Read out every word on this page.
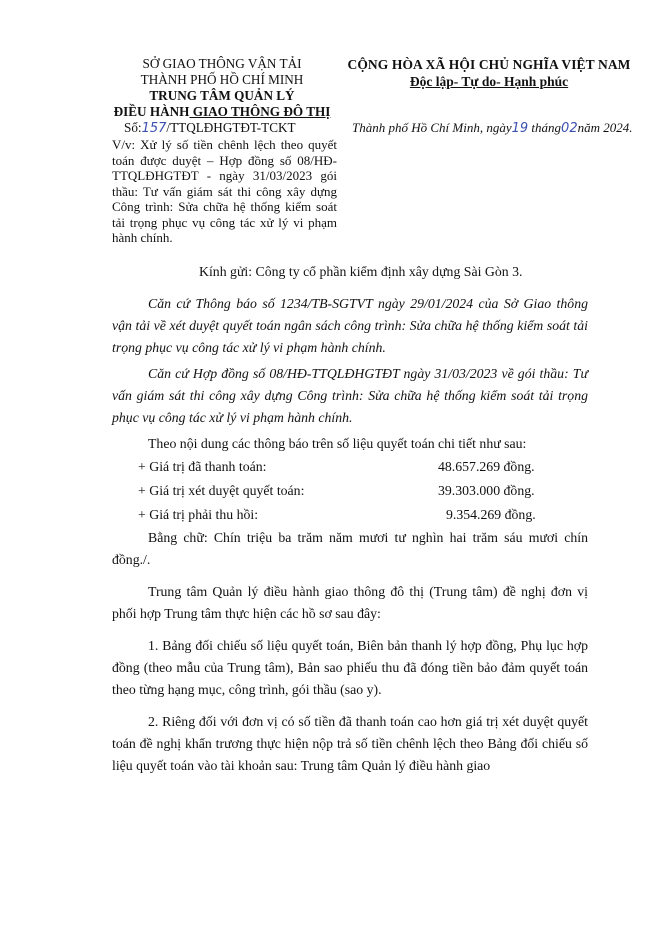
SỞ GIAO THÔNG VẬN TẢI
THÀNH PHỐ HỒ CHÍ MINH
TRUNG TÂM QUẢN LÝ
ĐIỀU HÀNH GIAO THÔNG ĐÔ THỊ
Số:157/TTQLĐHGTĐT-TCKT
CỘNG HÒA XÃ HỘI CHỦ NGHĨA VIỆT NAM
Độc lập- Tự do- Hạnh phúc
Thành phố Hồ Chí Minh, ngày19 tháng02năm 2024.
V/v: Xử lý số tiền chênh lệch theo quyết toán được duyệt – Hợp đồng số 08/HĐ-TTQLĐHGTĐT - ngày 31/03/2023 gói thầu: Tư vấn giám sát thi công xây dựng Công trình: Sửa chữa hệ thống kiểm soát tải trọng phục vụ công tác xử lý vi phạm hành chính.
Kính gửi: Công ty cổ phần kiểm định xây dựng Sài Gòn 3.

Căn cứ Thông báo số 1234/TB-SGTVT ngày 29/01/2024 của Sở Giao thông vận tải về xét duyệt quyết toán ngân sách công trình: Sửa chữa hệ thống kiểm soát tải trọng phục vụ công tác xử lý vi phạm hành chính.

Căn cứ Hợp đồng số 08/HĐ-TTQLĐHGTĐT ngày 31/03/2023 về gói thầu: Tư vấn giám sát thi công xây dựng Công trình: Sửa chữa hệ thống kiểm soát tải trọng phục vụ công tác xử lý vi phạm hành chính.

Theo nội dung các thông báo trên số liệu quyết toán chi tiết như sau:

+ Giá trị đã thanh toán:	48.657.269 đồng.
+ Giá trị xét duyệt quyết toán:	39.303.000 đồng.
+ Giá trị phải thu hồi:	9.354.269 đồng.

Bằng chữ: Chín triệu ba trăm năm mươi tư nghìn hai trăm sáu mươi chín đồng./.

Trung tâm Quản lý điều hành giao thông đô thị (Trung tâm) đề nghị đơn vị phối hợp Trung tâm thực hiện các hồ sơ sau đây:

1. Bảng đối chiếu số liệu quyết toán, Biên bản thanh lý hợp đồng, Phụ lục hợp đồng (theo mẫu của Trung tâm), Bản sao phiếu thu đã đóng tiền bảo đảm quyết toán theo từng hạng mục, công trình, gói thầu (sao y).

2. Riêng đối với đơn vị có số tiền đã thanh toán cao hơn giá trị xét duyệt quyết toán đề nghị khẩn trương thực hiện nộp trả số tiền chênh lệch theo Bảng đối chiếu số liệu quyết toán vào tài khoản sau: Trung tâm Quản lý điều hành giao
